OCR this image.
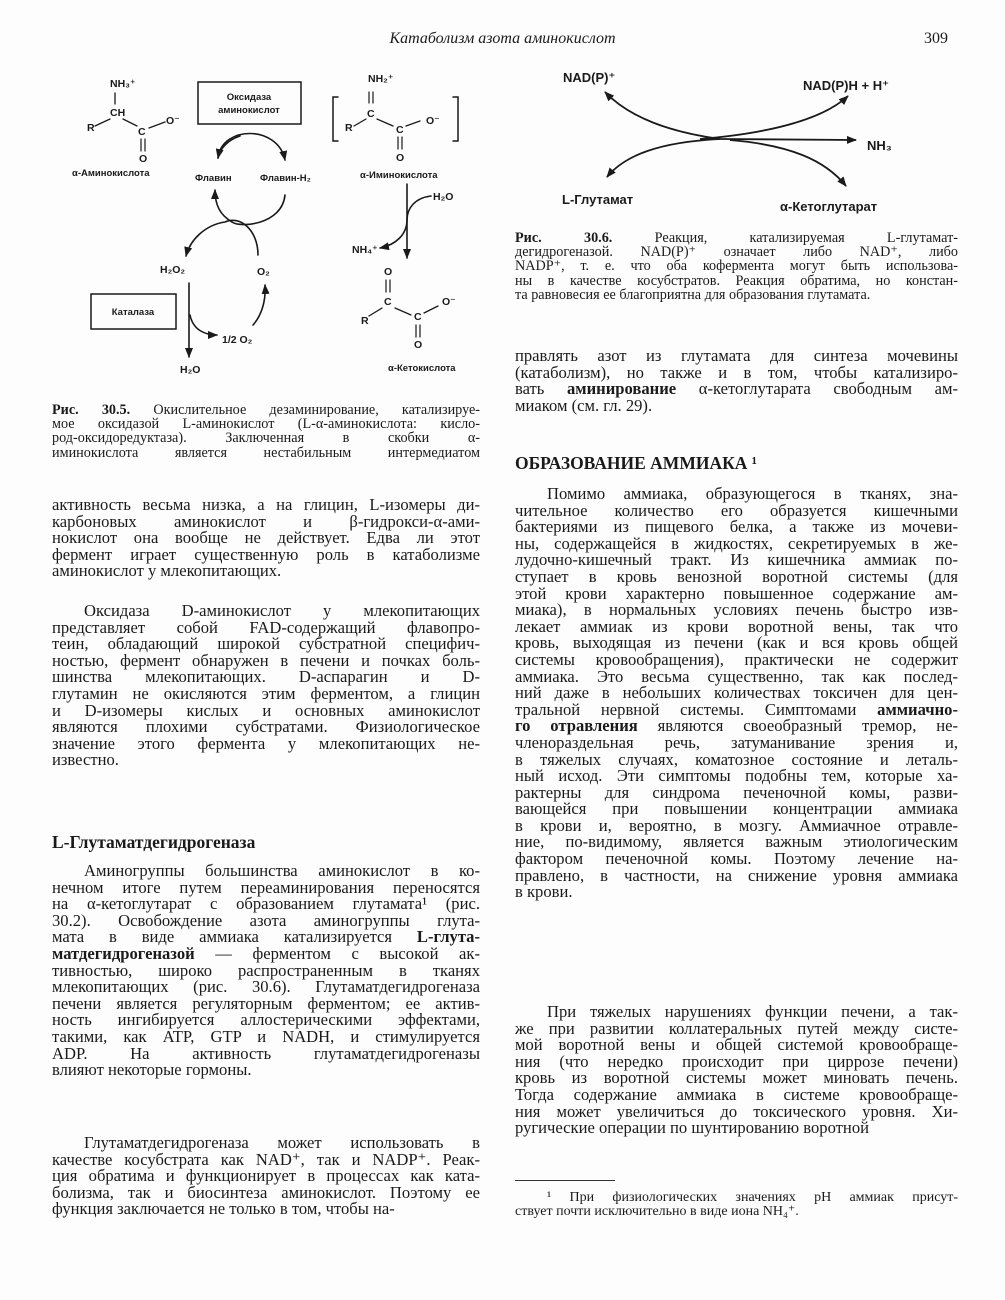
Катаболизм азота аминокислот	309
NH₃⁺
CH
R	C
O⁻
O
α-Аминокислота
Оксидаза
аминокислот
Флавин	Флавин-H₂
H₂O₂	O₂
Каталаза
1/2 O₂
H₂O
NH₂⁺
C
R	C
O⁻
O
α-Иминокислота
H₂O
NH₄⁺
O
C
R	C
O⁻
O
α-Кетокислота
NAD(P)⁺
NAD(P)H + H⁺
NH₃
L-Глутамат	α-Кетоглутарат
Рис. 30.5. Окислительное дезаминирование, катализируе-
мое оксидазой L-аминокислот (L-α-аминокислота: кисло-
род-оксидоредуктаза). Заключенная в скобки α-
иминокислота является нестабильным интермедиатом
Рис. 30.6. Реакция, катализируемая L-глутамат-
дегидрогеназой. NAD(P)⁺ означает либо NAD⁺, либо
NADP⁺, т. е. что оба кофермента могут быть использова-
ны в качестве косубстратов. Реакция обратима, но констан-
та равновесия ее благоприятна для образования глутамата.
активность весьма низка, а на глицин, L-изомеры ди-
карбоновых аминокислот и β-гидрокси-α-ами-
нокислот она вообще не действует. Едва ли этот
фермент играет существенную роль в катаболизме
аминокислот у млекопитающих.
Оксидаза D-аминокислот у млекопитающих
представляет собой FAD-содержащий флавопро-
теин, обладающий широкой субстратной специфич-
ностью, фермент обнаружен в печени и почках боль-
шинства млекопитающих. D-аспарагин и D-
глутамин не окисляются этим ферментом, а глицин
и D-изомеры кислых и основных аминокислот
являются плохими субстратами. Физиологическое
значение этого фермента у млекопитающих не-
известно.
L-Глутаматдегидрогеназа
Аминогруппы большинства аминокислот в ко-
нечном итоге путем переаминирования переносятся
на α-кетоглутарат с образованием глутамата¹ (рис.
30.2). Освобождение азота аминогруппы глута-
мата в виде аммиака катализируется L-глута-
матдегидрогеназой — ферментом с высокой ак-
тивностью, широко распространенным в тканях
млекопитающих (рис. 30.6). Глутаматдегидрогеназа
печени является регуляторным ферментом; ее актив-
ность ингибируется аллостерическими эффектами,
такими, как ATP, GTP и NADH, и стимулируется
ADP. На активность глутаматдегидрогеназы
влияют некоторые гормоны.
Глутаматдегидрогеназа может использовать в
качестве косубстрата как NAD⁺, так и NADP⁺. Реак-
ция обратима и функционирует в процессах как ката-
болизма, так и биосинтеза аминокислот. Поэтому ее
функция заключается не только в том, чтобы на-
правлять азот из глутамата для синтеза мочевины
(катаболизм), но также и в том, чтобы катализиро-
вать аминирование α-кетоглутарата свободным ам-
миаком (см. гл. 29).
ОБРАЗОВАНИЕ АММИАКА ¹
Помимо аммиака, образующегося в тканях, зна-
чительное количество его образуется кишечными
бактериями из пищевого белка, а также из мочеви-
ны, содержащейся в жидкостях, секретируемых в же-
лудочно-кишечный тракт. Из кишечника аммиак по-
ступает в кровь венозной воротной системы (для
этой крови характерно повышенное содержание ам-
миака), в нормальных условиях печень быстро изв-
лекает аммиак из крови воротной вены, так что
кровь, выходящая из печени (как и вся кровь общей
системы кровообращения), практически не содержит
аммиака. Это весьма существенно, так как послед-
ний даже в небольших количествах токсичен для цен-
тральной нервной системы. Симптомами аммиачно-
го отравления являются своеобразный тремор, не-
членораздельная речь, затуманивание зрения и,
в тяжелых случаях, коматозное состояние и леталь-
ный исход. Эти симптомы подобны тем, которые ха-
рактерны для синдрома печеночной комы, разви-
вающейся при повышении концентрации аммиака
в крови и, вероятно, в мозгу. Аммиачное отравле-
ние, по-видимому, является важным этиологическим
фактором печеночной комы. Поэтому лечение на-
правлено, в частности, на снижение уровня аммиака
в крови.
При тяжелых нарушениях функции печени, а так-
же при развитии коллатеральных путей между систе-
мой воротной вены и общей системой кровообраще-
ния (что нередко происходит при циррозе печени)
кровь из воротной системы может миновать печень.
Тогда содержание аммиака в системе кровообраще-
ния может увеличиться до токсического уровня. Хи-
ругические операции по шунтированию воротной
¹ При физиологических значениях pH аммиак присут-
ствует почти исключительно в виде иона NH₄⁺.
